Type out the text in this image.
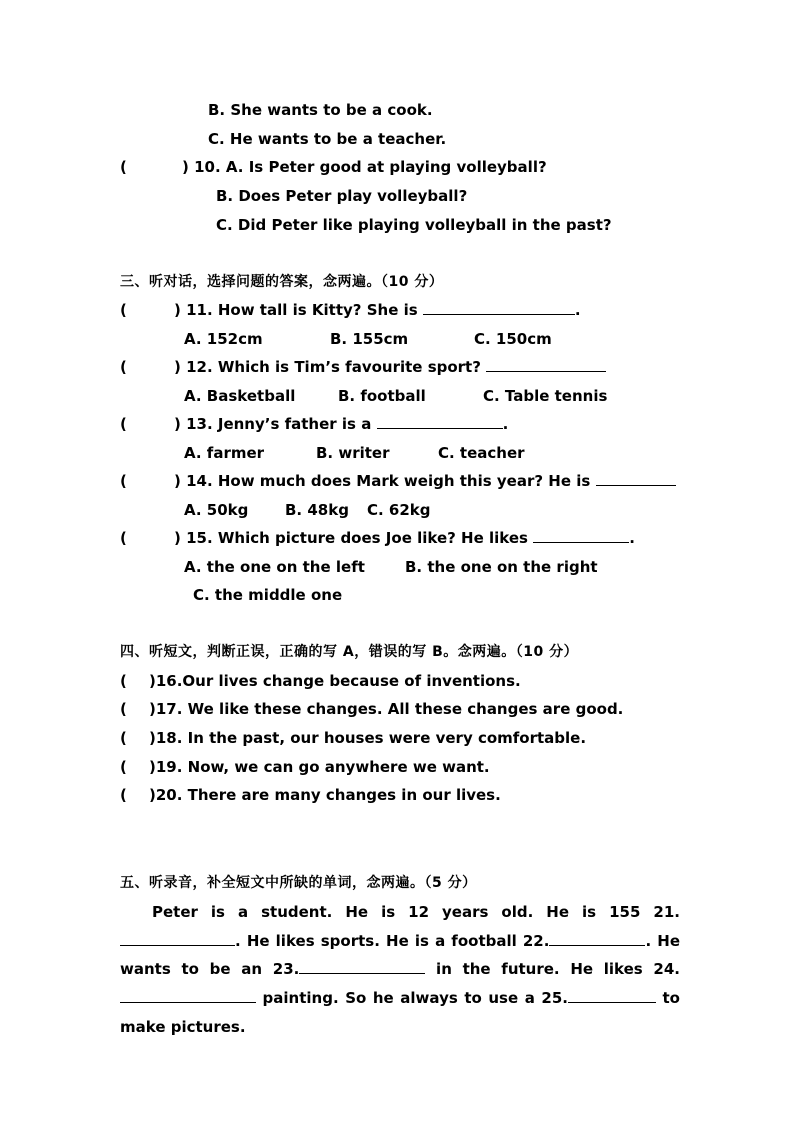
B. She wants to be a cook.
C. He wants to be a teacher.
(	) 10. A. Is Peter good at playing volleyball?
B. Does Peter play volleyball?
C. Did Peter like playing volleyball in the past?
三、听对话，选择问题的答案，念两遍。（10 分）
(	) 11. How tall is Kitty? She is	.
A. 152cm	B. 155cm	C. 150cm
(	) 12. Which is Tim’s favourite sport?
A. Basketball	B. football	C. Table tennis
(	) 13. Jenny’s father is a	.
A. farmer	B. writer	C. teacher
(	) 14. How much does Mark weigh this year? He is
A. 50kg B. 48kg C. 62kg
(	) 15. Which picture does Joe like? He likes	.
A. the one on the left	B. the one on the right
C. the middle one
四、听短文，判断正误，正确的写 A，错误的写 B。念两遍。（10 分）
( )16.Our lives change because of inventions.
( )17. We like these changes. All these changes are good.
( )18. In the past, our houses were very comfortable.
( )19. Now, we can go anywhere we want.
( )20. There are many changes in our lives.
五、听录音，补全短文中所缺的单词，念两遍。（5 分）
Peter is a student. He is 12 years old. He is 155 21.. He likes sports. He is a football 22.	. He wants to be an 23.	in the future. He likes 24. painting. So he always to use a 25.	to make pictures.
